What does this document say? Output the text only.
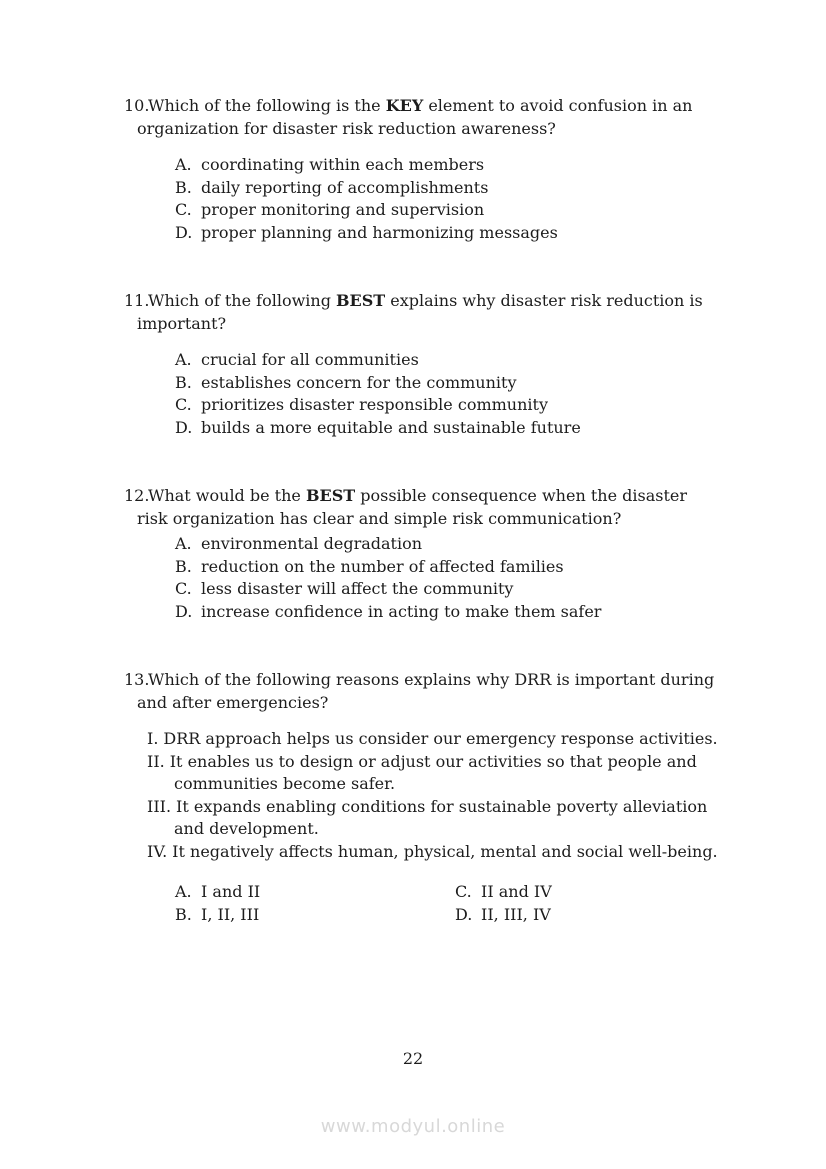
10.Which of the following is the KEY element to avoid confusion in an
organization for disaster risk reduction awareness?
A. coordinating within each members
B. daily reporting of accomplishments
C. proper monitoring and supervision
D. proper planning and harmonizing messages
11.Which of the following BEST explains why disaster risk reduction is
important?
A. crucial for all communities
B. establishes concern for the community
C. prioritizes disaster responsible community
D. builds a more equitable and sustainable future
12.What would be the BEST possible consequence when the disaster
risk organization has clear and simple risk communication?
A. environmental degradation
B. reduction on the number of affected families
C. less disaster will affect the community
D. increase confidence in acting to make them safer
13.Which of the following reasons explains why DRR is important during
and after emergencies?
I. DRR approach helps us consider our emergency response activities.
II. It enables us to design or adjust our activities so that people and
communities become safer.
III. It expands enabling conditions for sustainable poverty alleviation
and development.
IV. It negatively affects human, physical, mental and social well-being.
A. I and II
B. I, II, III
C. II and IV
D. II, III, IV
22
www.modyul.online
